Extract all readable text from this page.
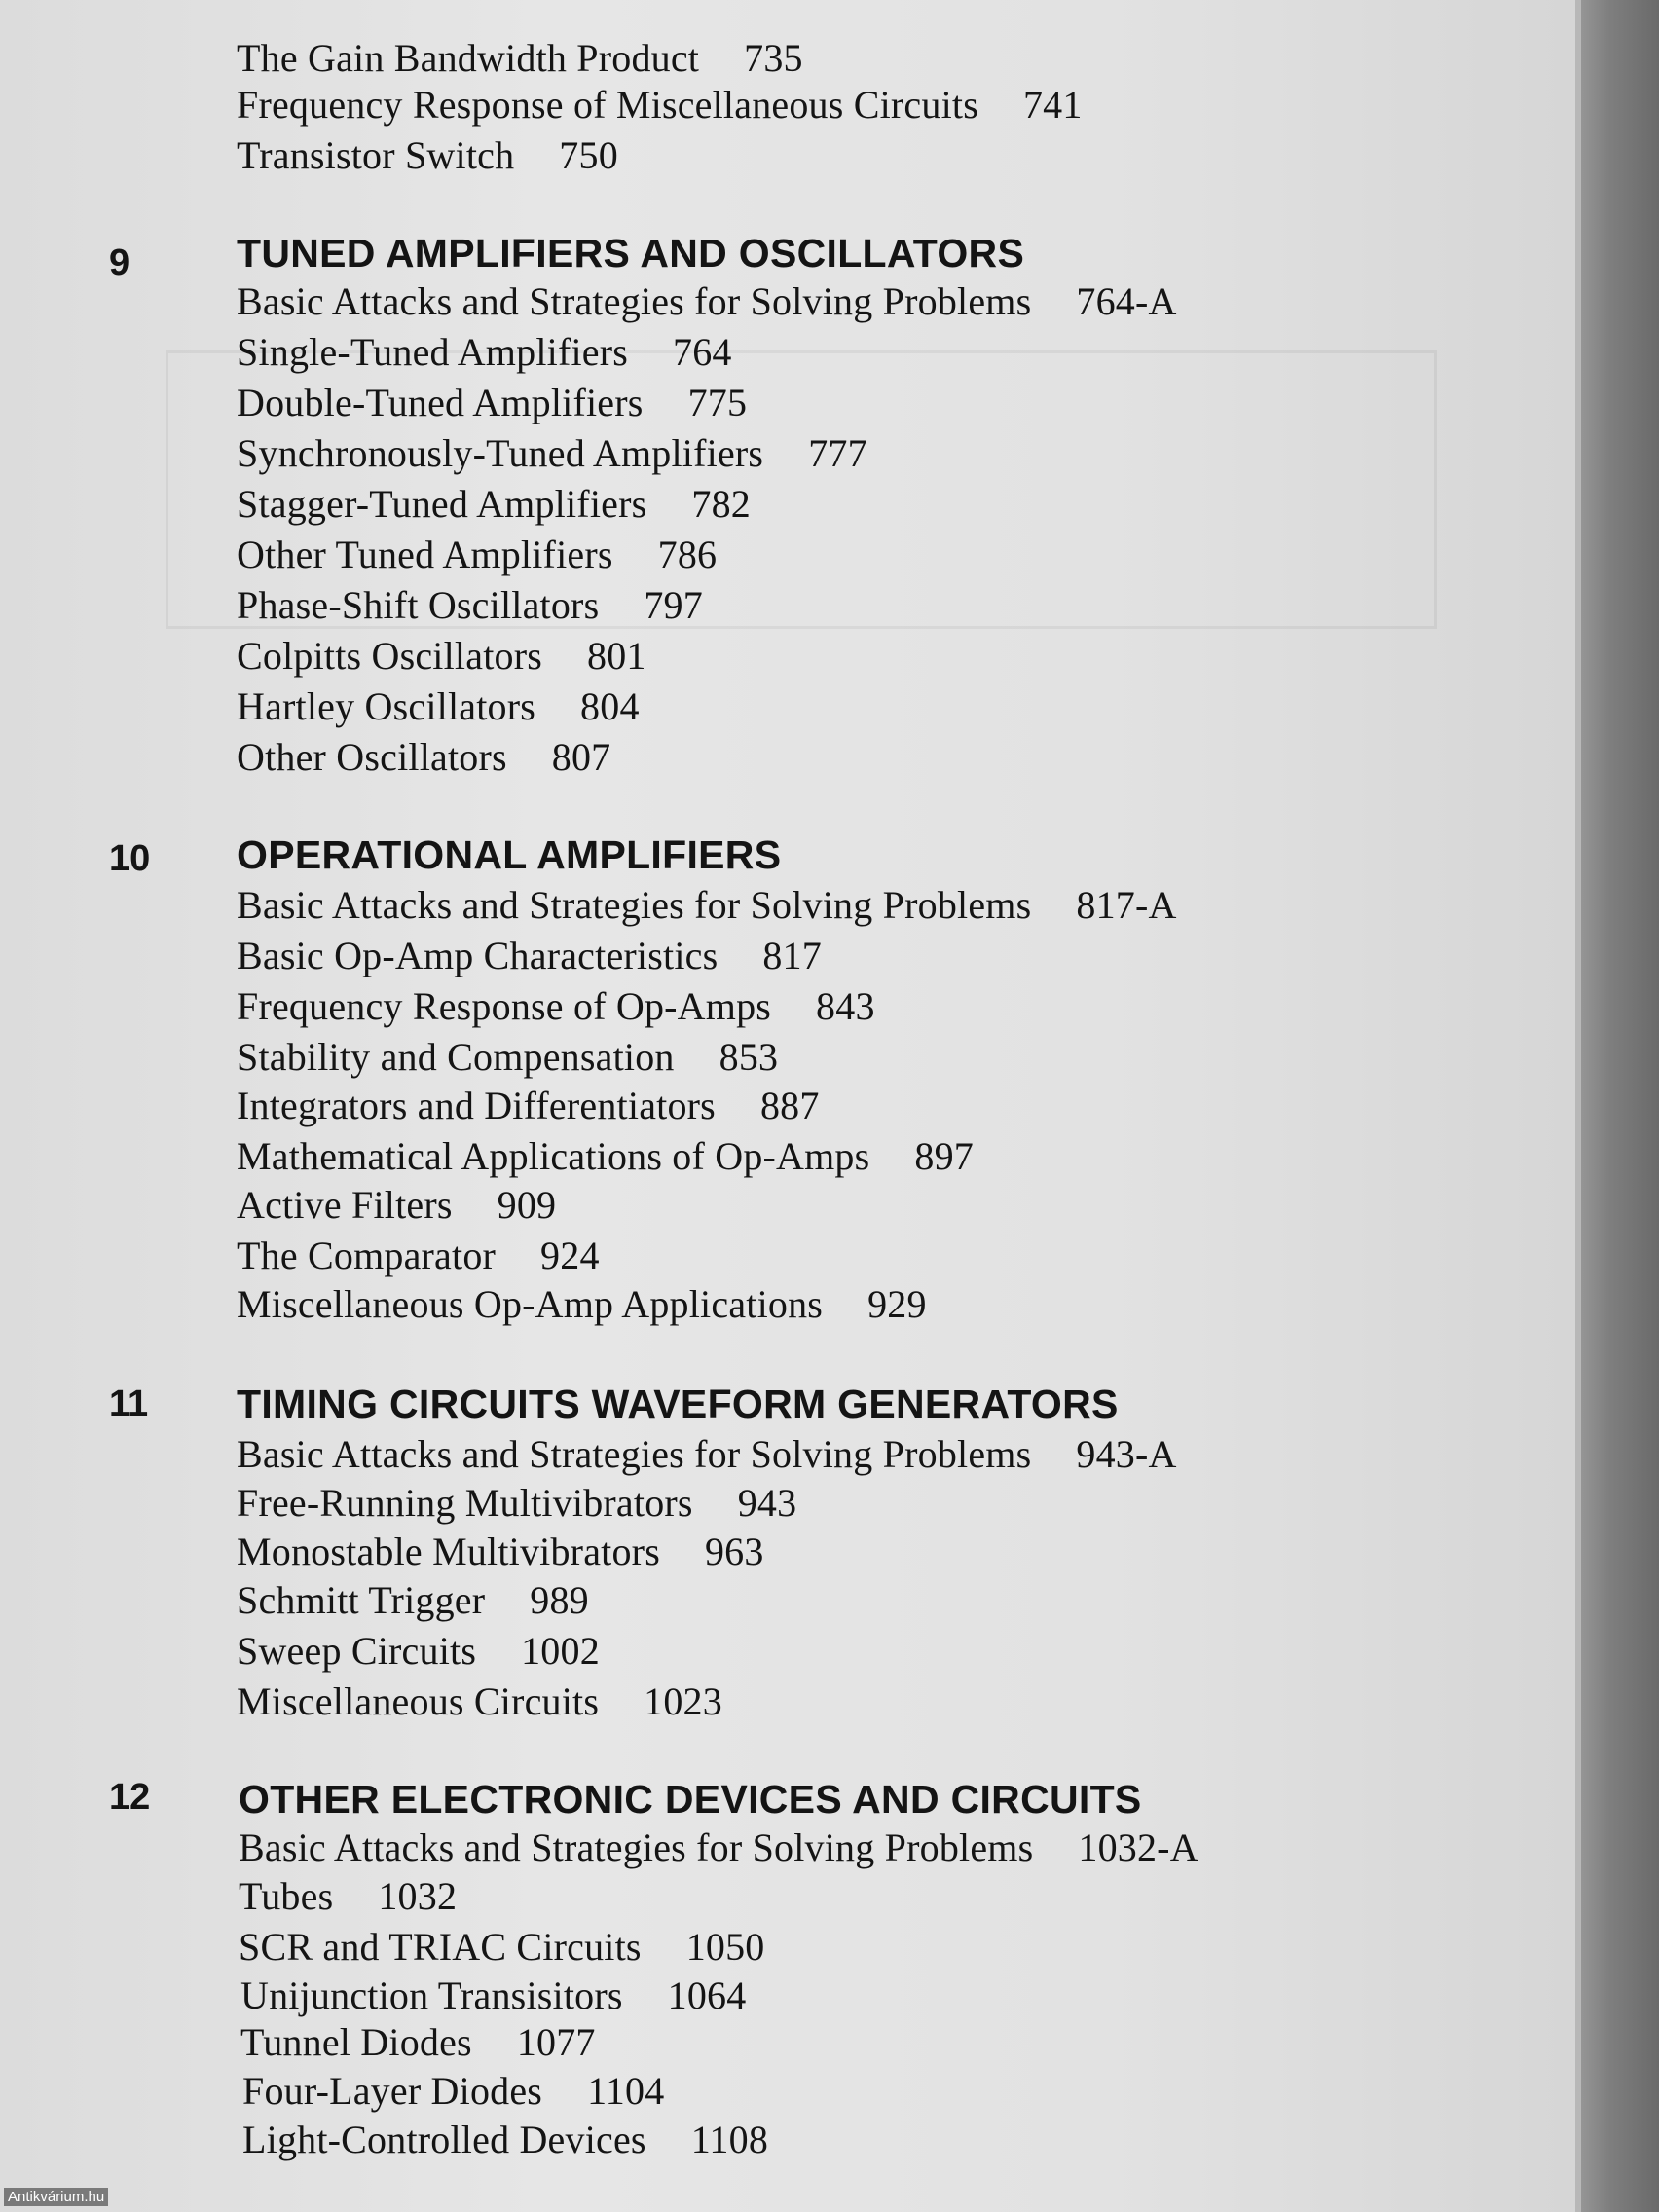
The Gain Bandwidth Product 735
Frequency Response of Miscellaneous Circuits 741
Transistor Switch 750
9	TUNED AMPLIFIERS AND OSCILLATORS
Basic Attacks and Strategies for Solving Problems 764-A
Single-Tuned Amplifiers 764
Double-Tuned Amplifiers 775
Synchronously-Tuned Amplifiers 777
Stagger-Tuned Amplifiers 782
Other Tuned Amplifiers 786
Phase-Shift Oscillators 797
Colpitts Oscillators 801
Hartley Oscillators 804
Other Oscillators 807
10 OPERATIONAL AMPLIFIERS
Basic Attacks and Strategies for Solving Problems 817-A
Basic Op-Amp Characteristics 817
Frequency Response of Op-Amps 843
Stability and Compensation 853
Integrators and Differentiators 887
Mathematical Applications of Op-Amps 897
Active Filters 909
The Comparator 924
Miscellaneous Op-Amp Applications 929
11 TIMING CIRCUITS WAVEFORM GENERATORS
Basic Attacks and Strategies for Solving Problems 943-A
Free-Running Multivibrators 943
Monostable Multivibrators 963
Schmitt Trigger 989
Sweep Circuits 1002
Miscellaneous Circuits 1023
12 OTHER ELECTRONIC DEVICES AND CIRCUITS
Basic Attacks and Strategies for Solving Problems 1032-A
Tubes 1032
SCR and TRIAC Circuits 1050
Unijunction Transisitors 1064
Tunnel Diodes 1077
Four-Layer Diodes 1104
Light-Controlled Devices 1108
Antikvárium.hu
